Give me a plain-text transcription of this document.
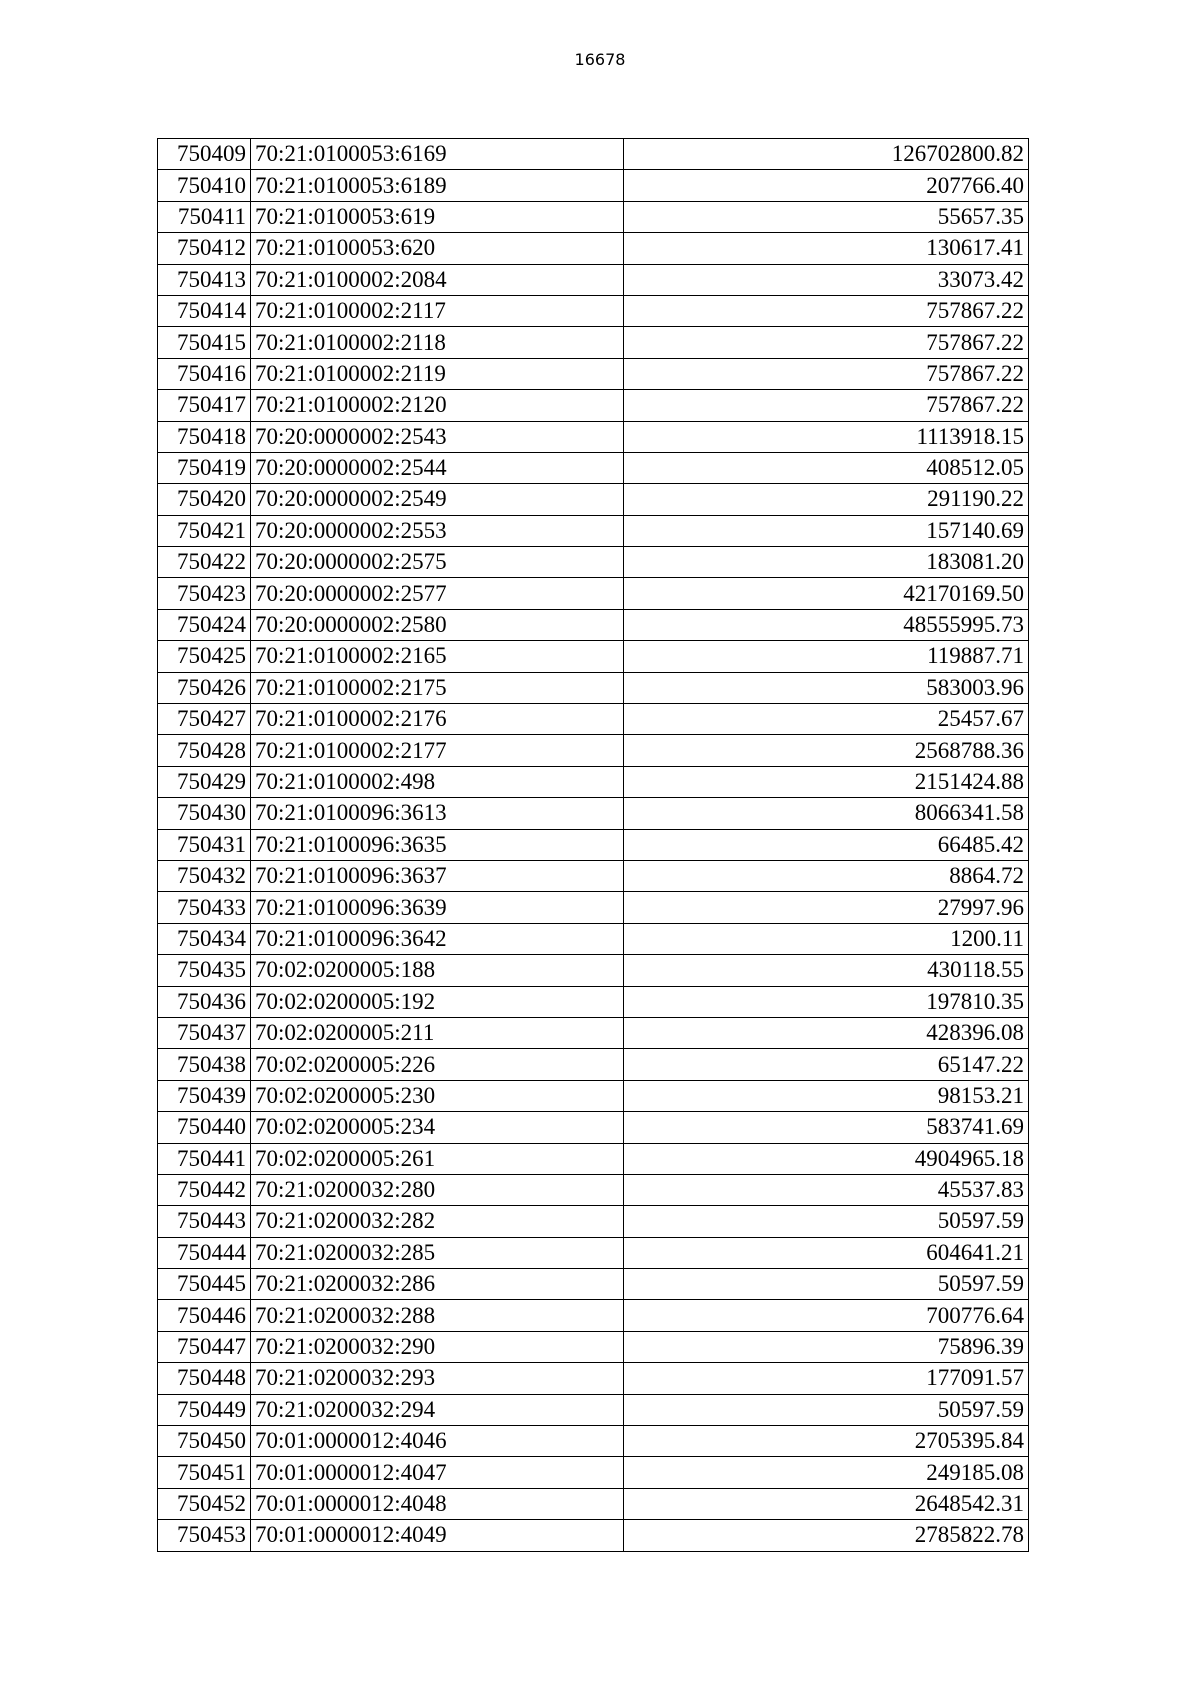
16678
750409	70:21:0100053:6169	126702800.82
750410	70:21:0100053:6189	207766.40
750411	70:21:0100053:619	55657.35
750412	70:21:0100053:620	130617.41
750413	70:21:0100002:2084	33073.42
750414	70:21:0100002:2117	757867.22
750415	70:21:0100002:2118	757867.22
750416	70:21:0100002:2119	757867.22
750417	70:21:0100002:2120	757867.22
750418	70:20:0000002:2543	1113918.15
750419	70:20:0000002:2544	408512.05
750420	70:20:0000002:2549	291190.22
750421	70:20:0000002:2553	157140.69
750422	70:20:0000002:2575	183081.20
750423	70:20:0000002:2577	42170169.50
750424	70:20:0000002:2580	48555995.73
750425	70:21:0100002:2165	119887.71
750426	70:21:0100002:2175	583003.96
750427	70:21:0100002:2176	25457.67
750428	70:21:0100002:2177	2568788.36
750429	70:21:0100002:498	2151424.88
750430	70:21:0100096:3613	8066341.58
750431	70:21:0100096:3635	66485.42
750432	70:21:0100096:3637	8864.72
750433	70:21:0100096:3639	27997.96
750434	70:21:0100096:3642	1200.11
750435	70:02:0200005:188	430118.55
750436	70:02:0200005:192	197810.35
750437	70:02:0200005:211	428396.08
750438	70:02:0200005:226	65147.22
750439	70:02:0200005:230	98153.21
750440	70:02:0200005:234	583741.69
750441	70:02:0200005:261	4904965.18
750442	70:21:0200032:280	45537.83
750443	70:21:0200032:282	50597.59
750444	70:21:0200032:285	604641.21
750445	70:21:0200032:286	50597.59
750446	70:21:0200032:288	700776.64
750447	70:21:0200032:290	75896.39
750448	70:21:0200032:293	177091.57
750449	70:21:0200032:294	50597.59
750450	70:01:0000012:4046	2705395.84
750451	70:01:0000012:4047	249185.08
750452	70:01:0000012:4048	2648542.31
750453	70:01:0000012:4049	2785822.78
